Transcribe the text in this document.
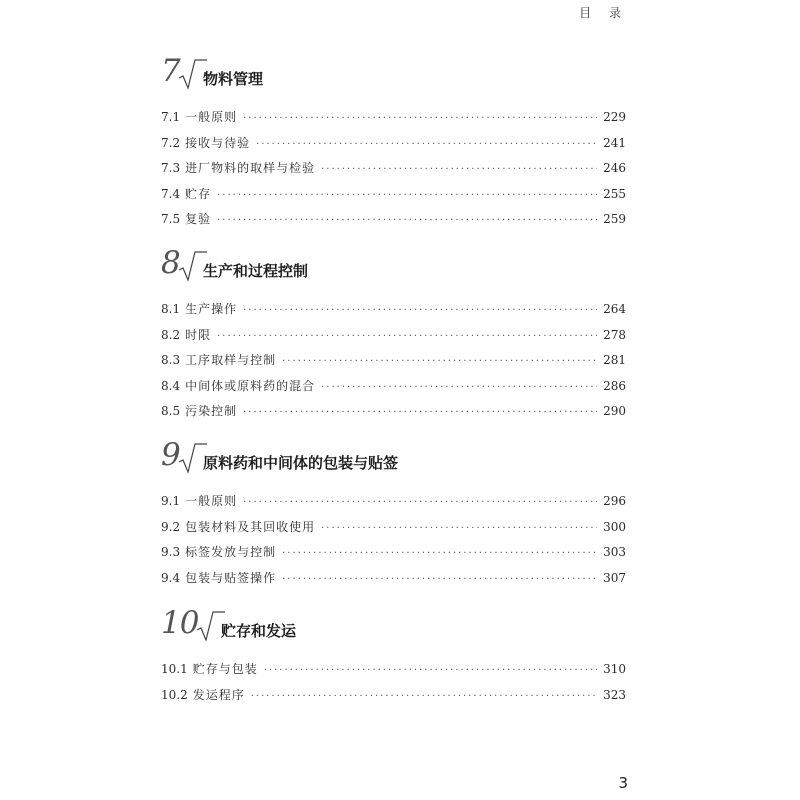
目 录
7 物料管理
7.1 一般原则 ·····	229
7.2 接收与待验 ·····	241
7.3 进厂物料的取样与检验 ·····	246
7.4 贮存 ·····	255
7.5 复验 ·····	259
8 生产和过程控制
8.1 生产操作 ·····	264
8.2 时限 ·····	278
8.3 工序取样与控制 ·····	281
8.4 中间体或原料药的混合 ·····	286
8.5 污染控制 ·····	290
9 原料药和中间体的包装与贴签
9.1 一般原则 ·····	296
9.2 包装材料及其回收使用 ·····	300
9.3 标签发放与控制 ·····	303
9.4 包装与贴签操作 ·····	307
10 贮存和发运
10.1 贮存与包装 ·····	310
10.2 发运程序 ·····	323
3
